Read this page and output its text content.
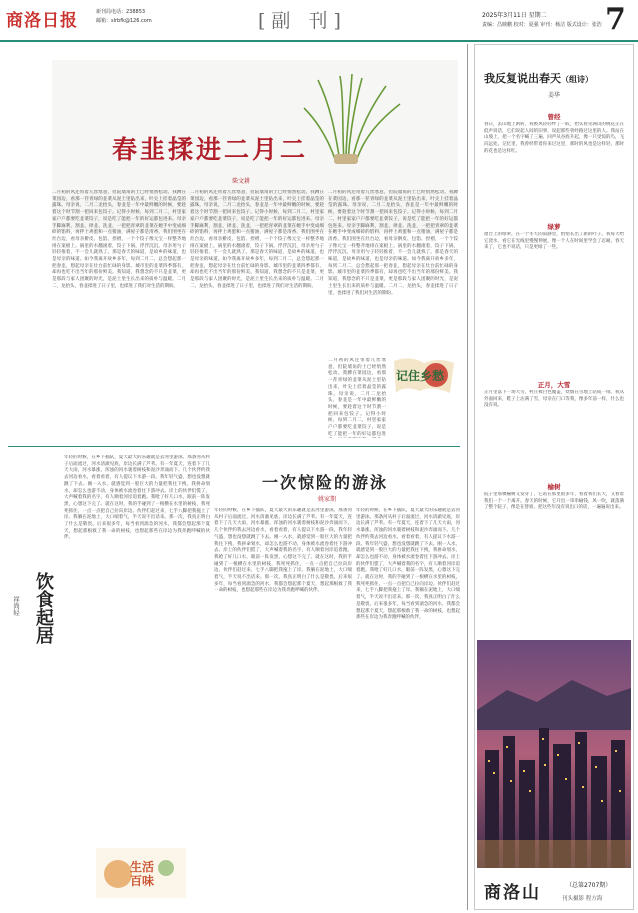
商洛日报	新刊局电话：238853
邮箱：slrbfk@126.com	[副 刊]	2025年3月11日 星期二
责编：昌映鹏 校对：夏强 审刊：杨洁 版式设计：张浩 7
春韭揉进二月二
柴文耕
二月初的风还带着几丝寒意，但院墙角的土已经悄然松动。我蹲在菜园边，看那一茬青绿的韭菜从泥土里钻出来，叶尖上挂着晶莹的露珠。母亲说，二月二龙抬头，春韭是一年中最鲜嫩的时候，要趁着这个时节割一把回来包饺子。记得小时候，每到二月二，村里家家户户都要吃韭菜饺子，说是吃了能把一年的好运都包进来。母亲手脚麻利，割韭、择韭、洗韭，一把把青翠的韭菜在她手中变成细碎的馅料，再拌上鸡蛋和一点猪油，满屋子都是清香。我们围坐在灶台边，看母亲擀皮、包馅、捏褶，一个个饺子像元宝一样整齐地排在案板上。锅里的水翻滚着，饺子下锅，浮浮沉沉，母亲用勺子轻轻推着，不一会儿就熟了。那是春天的味道，是故乡的味道，也是母亲的味道。如今我离开故乡多年，每到二月二，总会想起那一把春韭，想起母亲在灶台前忙碌的身影。城市里的韭菜四季都有，却再也吃不出当年的那份鲜美。我知道，我想念的不只是韭菜，更是那段与家人团聚的时光，是泥土里生长出来的质朴与温暖。二月二，龙抬头，春韭揉进了日子里，也揉进了我们对生活的期盼。
二月初的风还带着几丝寒意，但院墙角的土已经悄然松动。我蹲在菜园边，看那一茬青绿的韭菜从泥土里钻出来，叶尖上挂着晶莹的露珠。母亲说，二月二龙抬头，春韭是一年中最鲜嫩的时候，要趁着这个时节割一把回来包饺子。记得小时候，每到二月二，村里家家户户都要吃韭菜饺子，说是吃了能把一年的好运都包进来。母亲手脚麻利，割韭、择韭、洗韭，一把把青翠的韭菜在她手中变成细碎的馅料，再拌上鸡蛋和一点猪油，满屋子都是清香。我们围坐在灶台边，看母亲擀皮、包馅、捏褶，一个个饺子像元宝一样整齐地排在案板上。锅里的水翻滚着，饺子下锅，浮浮沉沉，母亲用勺子轻轻推着，不一会儿就熟了。那是春天的味道，是故乡的味道，也是母亲的味道。如今我离开故乡多年，每到二月二，总会想起那一把春韭，想起母亲在灶台前忙碌的身影。城市里的韭菜四季都有，却再也吃不出当年的那份鲜美。我知道，我想念的不只是韭菜，更是那段与家人团聚的时光，是泥土里生长出来的质朴与温暖。二月二，龙抬头，春韭揉进了日子里，也揉进了我们对生活的期盼。
二月初的风还带着几丝寒意，但院墙角的土已经悄然松动。我蹲在菜园边，看那一茬青绿的韭菜从泥土里钻出来，叶尖上挂着晶莹的露珠。母亲说，二月二龙抬头，春韭是一年中最鲜嫩的时候，要趁着这个时节割一把回来包饺子。记得小时候，每到二月二，村里家家户户都要吃韭菜饺子，说是吃了能把一年的好运都包进来。母亲手脚麻利，割韭、择韭、洗韭，一把把青翠的韭菜在她手中变成细碎的馅料，再拌上鸡蛋和一点猪油，满屋子都是清香。我们围坐在灶台边，看母亲擀皮、包馅、捏褶，一个个饺子像元宝一样整齐地排在案板上。锅里的水翻滚着，饺子下锅，浮浮沉沉，母亲用勺子轻轻推着，不一会儿就熟了。那是春天的味道，是故乡的味道，也是母亲的味道。如今我离开故乡多年，每到二月二，总会想起那一把春韭，想起母亲在灶台前忙碌的身影。城市里的韭菜四季都有，却再也吃不出当年的那份鲜美。我知道，我想念的不只是韭菜，更是那段与家人团聚的时光，是泥土里生长出来的质朴与温暖。二月二，龙抬头，春韭揉进了日子里，也揉进了我们对生活的期盼。
记住乡愁
二月初的风还带着几丝寒意，但院墙角的土已经悄然松动。我蹲在菜园边，看那一茬青绿的韭菜从泥土里钻出来，叶尖上挂着晶莹的露珠。母亲说，二月二龙抬头，春韭是一年中最鲜嫩的时候，要趁着这个时节割一把回来包饺子。记得小时候，每到二月二，村里家家户户都要吃韭菜饺子，说是吃了能把一年的好运都包进
一次惊险的游泳
姚家期
饮食起居
祥尚轻
年轻的时候，在乡下插队，夏天最大的乐趣就是去河里游泳。那条河从村子后面流过，河水清澈见底，岸边长满了芦苇。有一年夏天，连着下了几天大雨，河水暴涨，浑浊的河水裹着树枝和泥沙奔涌而下。几个伙伴约我去河边看水，看着看着，有人提议下水游一段。我年轻气盛，想也没想就跳了下去。刚一入水，就感觉到一股巨大的力量把我往下拽，我拼命划水，却怎么也游不动，身体被水流卷着往下游冲去。岸上的伙伴们慌了，大声喊着我的名字，有人顺着河岸追着跑。我呛了好几口水，眼前一阵发黑，心想这下完了。就在这时，我的手碰到了一根横在水里的树枝，我死死抓住，一点一点把自己拉向岸边。伙伴们赶过来，七手八脚把我拖上了岸。我躺在泥地上，大口喘着气，半天说不出话来。那一次，我真正明白了什么是敬畏。后来很多年，每当看到湍急的河水，我都会想起那个夏天，想起那根救了我一命的树枝，也想起那些在岸边为我奔跑呼喊的伙伴。
生活百味
年轻的时候，在乡下插队，夏天最大的乐趣就是去河里游泳。那条河从村子后面流过，河水清澈见底，岸边长满了芦苇。有一年夏天，连着下了几天大雨，河水暴涨，浑浊的河水裹着树枝和泥沙奔涌而下。几个伙伴约我去河边看水，看着看着，有人提议下水游一段。我年轻气盛，想也没想就跳了下去。刚一入水，就感觉到一股巨大的力量把我往下拽，我拼命划水，却怎么也游不动，身体被水流卷着往下游冲去。岸上的伙伴们慌了，大声喊着我的名字，有人顺着河岸追着跑。我呛了好几口水，眼前一阵发黑，心想这下完了。就在这时，我的手碰到了一根横在水里的树枝，我死死抓住，一点一点把自己拉向岸边。伙伴们赶过来，七手八脚把我拖上了岸。我躺在泥地上，大口喘着气，半天说不出话来。那一次，我真正明白了什么是敬畏。后来很多年，每当看到湍急的河水，我都会想起那个夏天，想起那根救了我一命的树枝，也想起那些在岸边为我奔跑呼喊的伙伴。
年轻的时候，在乡下插队，夏天最大的乐趣就是去河里游泳。那条河从村子后面流过，河水清澈见底，岸边长满了芦苇。有一年夏天，连着下了几天大雨，河水暴涨，浑浊的河水裹着树枝和泥沙奔涌而下。几个伙伴约我去河边看水，看着看着，有人提议下水游一段。我年轻气盛，想也没想就跳了下去。刚一入水，就感觉到一股巨大的力量把我往下拽，我拼命划水，却怎么也游不动，身体被水流卷着往下游冲去。岸上的伙伴们慌了，大声喊着我的名字，有人顺着河岸追着跑。我呛了好几口水，眼前一阵发黑，心想这下完了。就在这时，我的手碰到了一根横在水里的树枝，我死死抓住，一点一点把自己拉向岸边。伙伴们赶过来，七手八脚把我拖上了岸。我躺在泥地上，大口喘着气，半天说不出话来。那一次，我真正明白了什么是敬畏。后来很多年，每当看到湍急的河水，我都会想起那个夏天，想起那根救了我一命的树枝，也想起那些在岸边为我奔跑呼喊的伙伴。
我反复说出春天（组诗）
姜华
曾经
春日，去山地上闲转，我被风轻轻绊了一跤，抬头看见满山的桃花正在低声说话，它们说起人间的旧事，说起那些曾经路过这里的人。我站在山坡上，把一个名字喊了三遍，回声从谷底升起，像一只受惊的鸟，飞向远处。记忆里，我曾经带着你来过这里，那时的风也是这样轻，那时的花也是这样红。
绿萝
窗台上的绿萝，在一个冬天的寂静里，悄悄长出了新的叶子。我每天给它浇水，看它在光线里慢慢伸展，像一个人在时间里学会了忍耐。春天来了，它也不说话，只是更绿了一些。
正月，大雪
正月里落下一场大雪，村庄被白色覆盖，炊烟在雪地上站成一排。我从外面回来，鞋子上沾满了雪，母亲在门口等我，像多年前一样，什么也没有说。
榆树
院子里那棵榆树又发芽了，它站在那里很多年，看着我们长大，又看着我们一个一个离开。春天的时候，它开出一串串榆钱，风一吹，就落满了整个院子，像是在替谁，把这些年没有说出口的话，一遍遍说出来。
商洛山	（总第2707期）
刊头摄影 程方海
